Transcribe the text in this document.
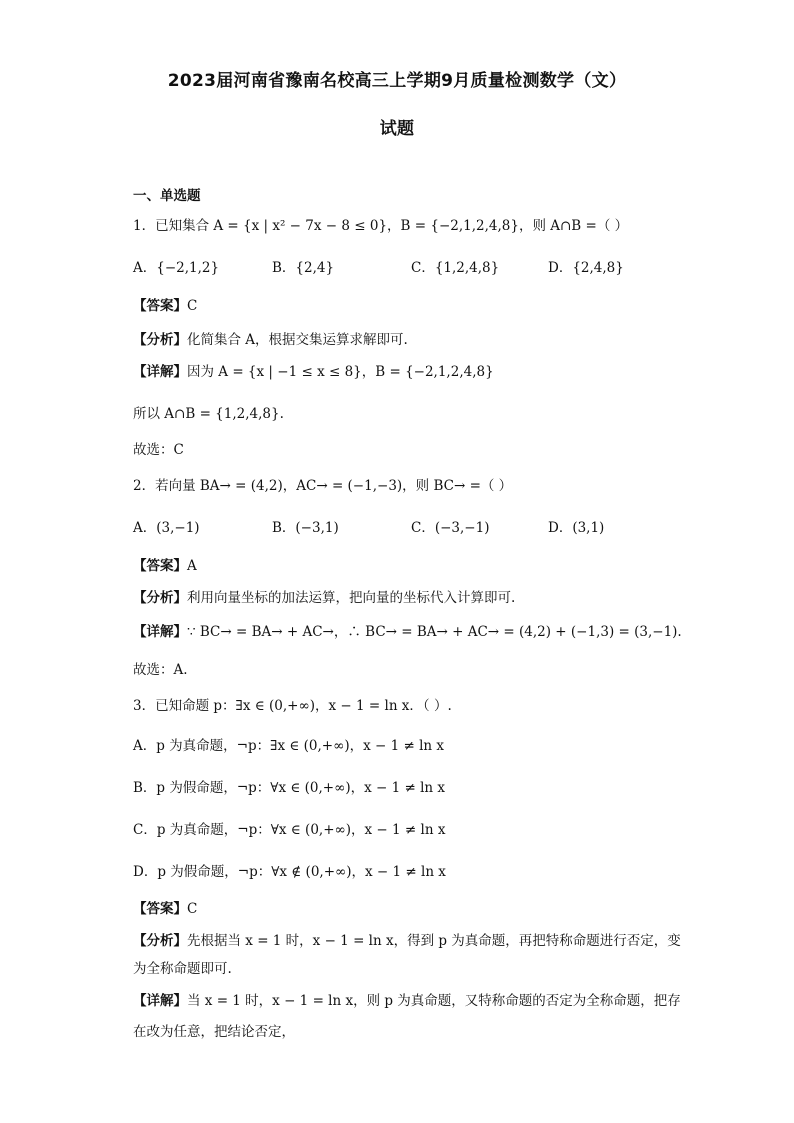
2023届河南省豫南名校高三上学期9月质量检测数学（文）
试题
一、单选题
1．已知集合 A = {x | x² − 7x − 8 ≤ 0}，B = {−2,1,2,4,8}，则 A∩B =（ ）
A．{−2,1,2}	B．{2,4}	C．{1,2,4,8}	D．{2,4,8}
【答案】C
【分析】化简集合 A，根据交集运算求解即可.
【详解】因为 A = {x | −1 ≤ x ≤ 8}，B = {−2,1,2,4,8}
所以 A∩B = {1,2,4,8}.
故选：C
2．若向量 BA→ = (4,2)，AC→ = (−1,−3)，则 BC→ =（ ）
A．(3,−1)	B．(−3,1)	C．(−3,−1)	D．(3,1)
【答案】A
【分析】利用向量坐标的加法运算，把向量的坐标代入计算即可.
【详解】∵ BC→ = BA→ + AC→，∴ BC→ = BA→ + AC→ = (4,2) + (−1,3) = (3,−1).
故选：A.
3．已知命题 p：∃x ∈ (0,+∞)，x − 1 = ln x．（ ）.
A．p 为真命题，¬p：∃x ∈ (0,+∞)，x − 1 ≠ ln x
B．p 为假命题，¬p：∀x ∈ (0,+∞)，x − 1 ≠ ln x
C．p 为真命题，¬p：∀x ∈ (0,+∞)，x − 1 ≠ ln x
D．p 为假命题，¬p：∀x ∉ (0,+∞)，x − 1 ≠ ln x
【答案】C
【分析】先根据当 x = 1 时，x − 1 = ln x，得到 p 为真命题，再把特称命题进行否定，变
为全称命题即可.
【详解】当 x = 1 时，x − 1 = ln x，则 p 为真命题，又特称命题的否定为全称命题，把存
在改为任意，把结论否定，
